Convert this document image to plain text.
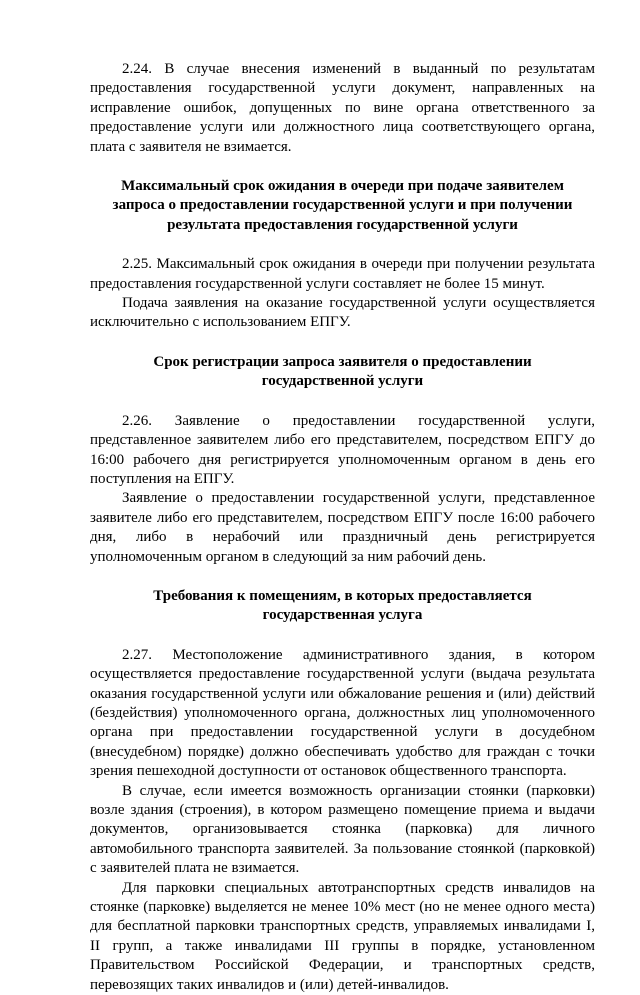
2.24. В случае внесения изменений в выданный по результатам предоставления государственной услуги документ, направленных на исправление ошибок, допущенных по вине органа ответственного за предоставление услуги или должностного лица соответствующего органа, плата с заявителя не взимается.

Максимальный срок ожидания в очереди при подаче заявителем запроса о предоставлении государственной услуги и при получении результата предоставления государственной услуги

2.25. Максимальный срок ожидания в очереди при получении результата предоставления государственной услуги составляет не более 15 минут.

Подача заявления на оказание государственной услуги осуществляется исключительно с использованием ЕПГУ.

Срок регистрации запроса заявителя о предоставлении государственной услуги

2.26. Заявление о предоставлении государственной услуги, представленное заявителем либо его представителем, посредством ЕПГУ до 16:00 рабочего дня регистрируется уполномоченным органом в день его поступления на ЕПГУ.

Заявление о предоставлении государственной услуги, представленное заявителе либо его представителем, посредством ЕПГУ после 16:00 рабочего дня, либо в нерабочий или праздничный день регистрируется уполномоченным органом в следующий за ним рабочий день.

Требования к помещениям, в которых предоставляется государственная услуга

2.27. Местоположение административного здания, в котором осуществляется предоставление государственной услуги (выдача результата оказания государственной услуги или обжалование решения и (или) действий (бездействия) уполномоченного органа, должностных лиц уполномоченного органа при предоставлении государственной услуги в досудебном (внесудебном) порядке) должно обеспечивать удобство для граждан с точки зрения пешеходной доступности от остановок общественного транспорта.

В случае, если имеется возможность организации стоянки (парковки) возле здания (строения), в котором размещено помещение приема и выдачи документов, организовывается стоянка (парковка) для личного автомобильного транспорта заявителей. За пользование стоянкой (парковкой) с заявителей плата не взимается.

Для парковки специальных автотранспортных средств инвалидов на стоянке (парковке) выделяется не менее 10% мест (но не менее одного места) для бесплатной парковки транспортных средств, управляемых инвалидами I, II групп, а также инвалидами III группы в порядке, установленном Правительством Российской Федерации, и транспортных средств, перевозящих таких инвалидов и (или) детей-инвалидов.
